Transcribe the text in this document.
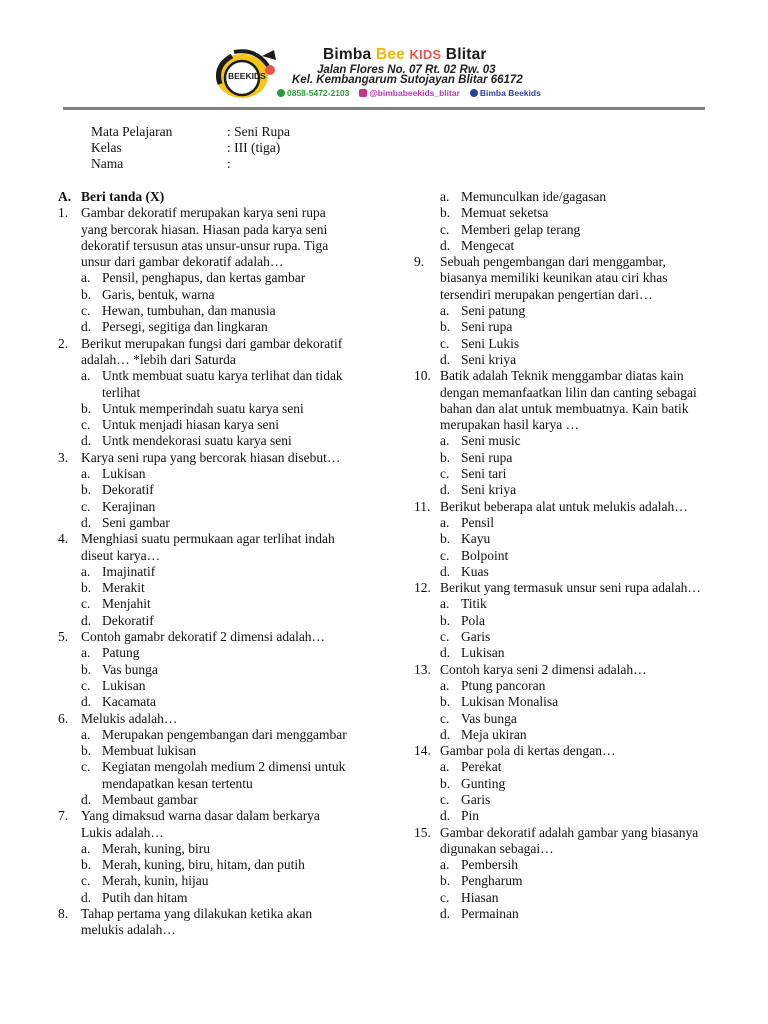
BEEKIDS
Bimba Bee KIDS Blitar
Jalan Flores No. 07 Rt. 02 Rw. 03
Kel. Kembangarum Sutojayan Blitar 66172
0858-5472-2103 @bimbabeekids_blitar Bimba Beekids
Mata Pelajaran	: Seni Rupa
Kelas	: III (tiga)
Nama	:
A. Beri tanda (X)
1. Gambar dekoratif merupakan karya seni rupa
yang bercorak hiasan. Hiasan pada karya seni
dekoratif tersusun atas unsur-unsur rupa. Tiga
unsur dari gambar dekoratif adalah…
a. Pensil, penghapus, dan kertas gambar
b. Garis, bentuk, warna
c. Hewan, tumbuhan, dan manusia
d. Persegi, segitiga dan lingkaran
2. Berikut merupakan fungsi dari gambar dekoratif
adalah… *lebih dari Saturda
a. Untk membuat suatu karya terlihat dan tidak
terlihat
b. Untuk memperindah suatu karya seni
c. Untuk menjadi hiasan karya seni
d. Untk mendekorasi suatu karya seni
3. Karya seni rupa yang bercorak hiasan disebut…
a. Lukisan
b. Dekoratif
c. Kerajinan
d. Seni gambar
4. Menghiasi suatu permukaan agar terlihat indah
diseut karya…
a. Imajinatif
b. Merakit
c. Menjahit
d. Dekoratif
5. Contoh gamabr dekoratif 2 dimensi adalah…
a. Patung
b. Vas bunga
c. Lukisan
d. Kacamata
6. Melukis adalah…
a. Merupakan pengembangan dari menggambar
b. Membuat lukisan
c. Kegiatan mengolah medium 2 dimensi untuk
mendapatkan kesan tertentu
d. Membaut gambar
7. Yang dimaksud warna dasar dalam berkarya
Lukis adalah…
a. Merah, kuning, biru
b. Merah, kuning, biru, hitam, dan putih
c. Merah, kunin, hijau
d. Putih dan hitam
8. Tahap pertama yang dilakukan ketika akan
melukis adalah…
a. Memunculkan ide/gagasan
b. Memuat seketsa
c. Memberi gelap terang
d. Mengecat
9.	Sebuah pengembangan dari menggambar,
biasanya memiliki keunikan atau ciri khas
tersendiri merupakan pengertian dari…
a. Seni patung
b. Seni rupa
c. Seni Lukis
d. Seni kriya
10. Batik adalah Teknik menggambar diatas kain
dengan memanfaatkan lilin dan canting sebagai
bahan dan alat untuk membuatnya. Kain batik
merupakan hasil karya …
a. Seni music
b. Seni rupa
c. Seni tari
d. Seni kriya
11. Berikut beberapa alat untuk melukis adalah…
a. Pensil
b. Kayu
c. Bolpoint
d. Kuas
12. Berikut yang termasuk unsur seni rupa adalah…
a. Titik
b. Pola
c. Garis
d. Lukisan
13. Contoh karya seni 2 dimensi adalah…
a. Ptung pancoran
b. Lukisan Monalisa
c. Vas bunga
d. Meja ukiran
14. Gambar pola di kertas dengan…
a. Perekat
b. Gunting
c. Garis
d. Pin
15. Gambar dekoratif adalah gambar yang biasanya
digunakan sebagai…
a. Pembersih
b. Pengharum
c. Hiasan
d. Permainan
